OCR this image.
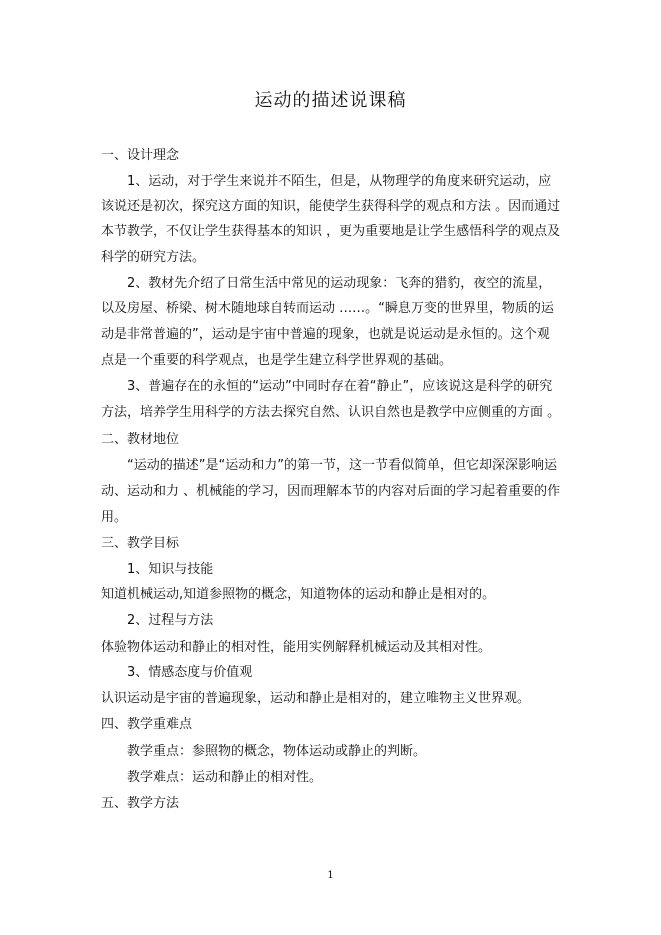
运动的描述说课稿
一、设计理念
1、运动，对于学生来说并不陌生，但是，从物理学的角度来研究运动，应
该说还是初次，探究这方面的知识，能使学生获得科学的观点和方法 。因而通过
本节教学，不仅让学生获得基本的知识 ，更为重要地是让学生感悟科学的观点及
科学的研究方法。
2、教材先介绍了日常生活中常见的运动现象：飞奔的猎豹，夜空的流星，
以及房屋、桥梁、树木随地球自转而运动 ……。“瞬息万变的世界里，物质的运
动是非常普遍的”，运动是宇宙中普遍的现象，也就是说运动是永恒的。这个观
点是一个重要的科学观点，也是学生建立科学世界观的基础。
3、普遍存在的永恒的“运动”中同时存在着“静止”，应该说这是科学的研究
方法，培养学生用科学的方法去探究自然、认识自然也是教学中应侧重的方面 。
二、教材地位
“运动的描述”是“运动和力”的第一节，这一节看似简单，但它却深深影响运
动、运动和力 、机械能的学习，因而理解本节的内容对后面的学习起着重要的作
用。
三、教学目标
1、知识与技能
知道机械运动,知道参照物的概念，知道物体的运动和静止是相对的。
2、过程与方法
体验物体运动和静止的相对性，能用实例解释机械运动及其相对性。
3、情感态度与价值观
认识运动是宇宙的普遍现象，运动和静止是相对的，建立唯物主义世界观。
四、教学重难点
教学重点：参照物的概念，物体运动或静止的判断。
教学难点：运动和静止的相对性。
五、教学方法
1
